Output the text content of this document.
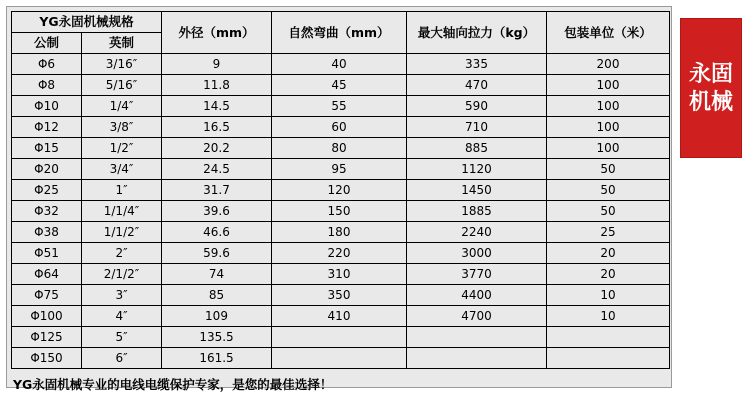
YG永固机械规格		外径（mm）	自然弯曲（mm）	最大轴向拉力（kg）	包装单位（米）
公制	英制				
Φ6	3/16″	9	40	335	200
Φ8	5/16″	11.8	45	470	100
Φ10	1/4″	14.5	55	590	100
Φ12	3/8″	16.5	60	710	100
Φ15	1/2″	20.2	80	885	100
Φ20	3/4″	24.5	95	1120	50
Φ25	1″	31.7	120	1450	50
Φ32	1/1/4″	39.6	150	1885	50
Φ38	1/1/2″	46.6	180	2240	25
Φ51	2″	59.6	220	3000	20
Φ64	2/1/2″	74	310	3770	20
Φ75	3″	85	350	4400	10
Φ100	4″	109	410	4700	10
Φ125	5″	135.5			
Φ150	6″	161.5			
YG永固机械专业的电线电缆保护专家，是您的最佳选择！
永固
机械
